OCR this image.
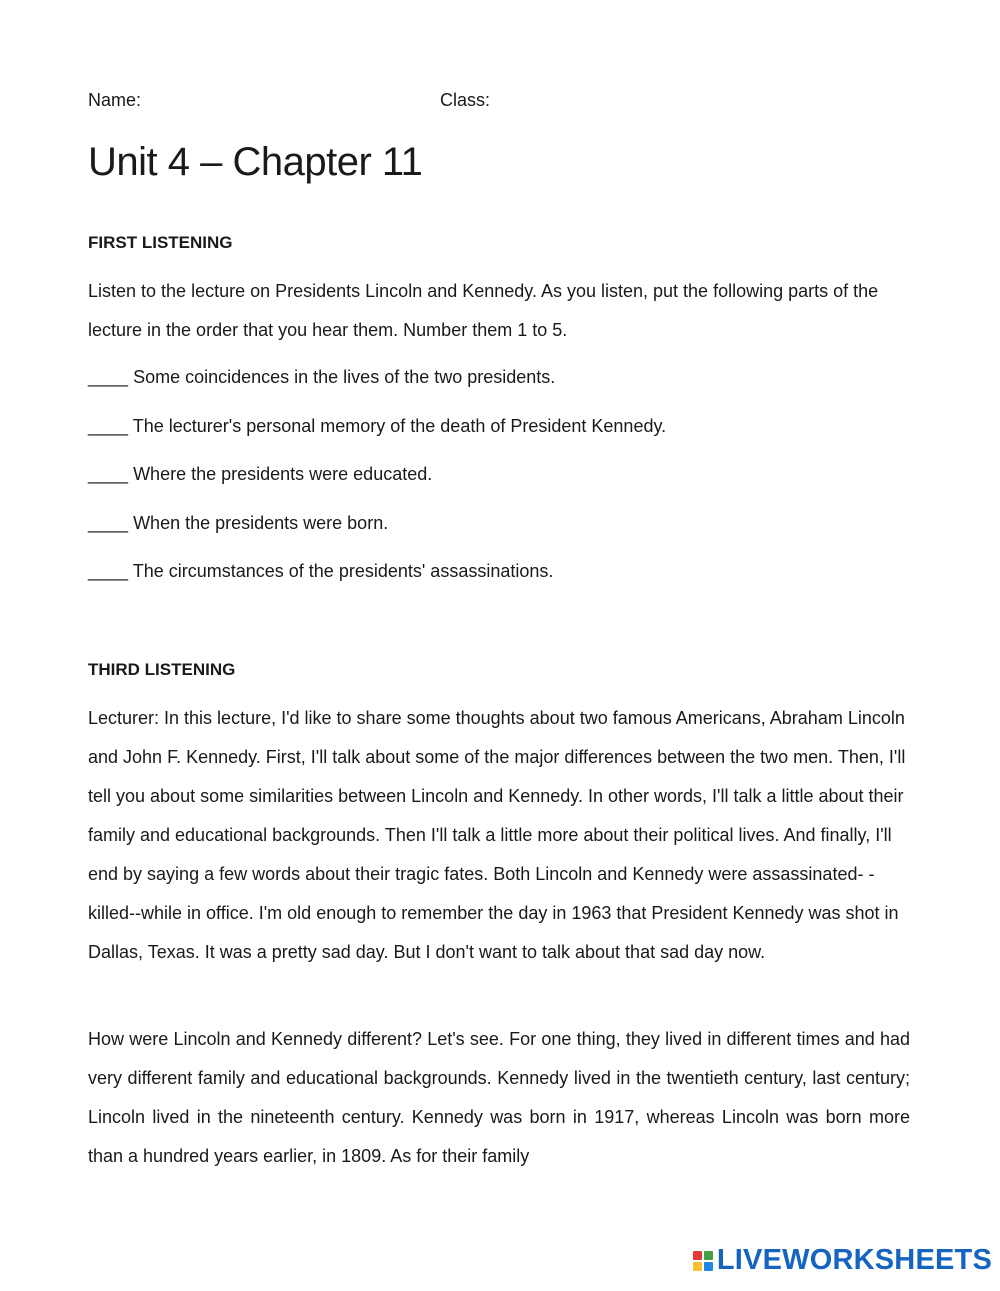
Name:	Class:
Unit 4 – Chapter 11
FIRST LISTENING

Listen to the lecture on Presidents Lincoln and Kennedy. As you listen, put the following parts of the lecture in the order that you hear them. Number them 1 to 5.

____ Some coincidences in the lives of the two presidents.

____ The lecturer's personal memory of the death of President Kennedy.

____ Where the presidents were educated.

____ When the presidents were born.

____ The circumstances of the presidents' assassinations.

THIRD LISTENING

Lecturer: In this lecture, I'd like to share some thoughts about two famous Americans, Abraham Lincoln and John F. Kennedy. First, I'll talk about some of the major differences between the two men. Then, I'll tell you about some similarities between Lincoln and Kennedy. In other words, I'll talk a little about their family and educational backgrounds. Then I'll talk a little more about their political lives. And finally, I'll end by saying a few words about their tragic fates. Both Lincoln and Kennedy were assassinated- -killed--while in office. I'm old enough to remember the day in 1963 that President Kennedy was shot in Dallas, Texas. It was a pretty sad day. But I don't want to talk about that sad day now.

How were Lincoln and Kennedy different? Let's see. For one thing, they lived in different times and had very different family and educational backgrounds. Kennedy lived in the twentieth century, last century; Lincoln lived in the nineteenth century. Kennedy was born in 1917, whereas Lincoln was born more than a hundred years earlier, in 1809. As for their family

LIVEWORKSHEETS
